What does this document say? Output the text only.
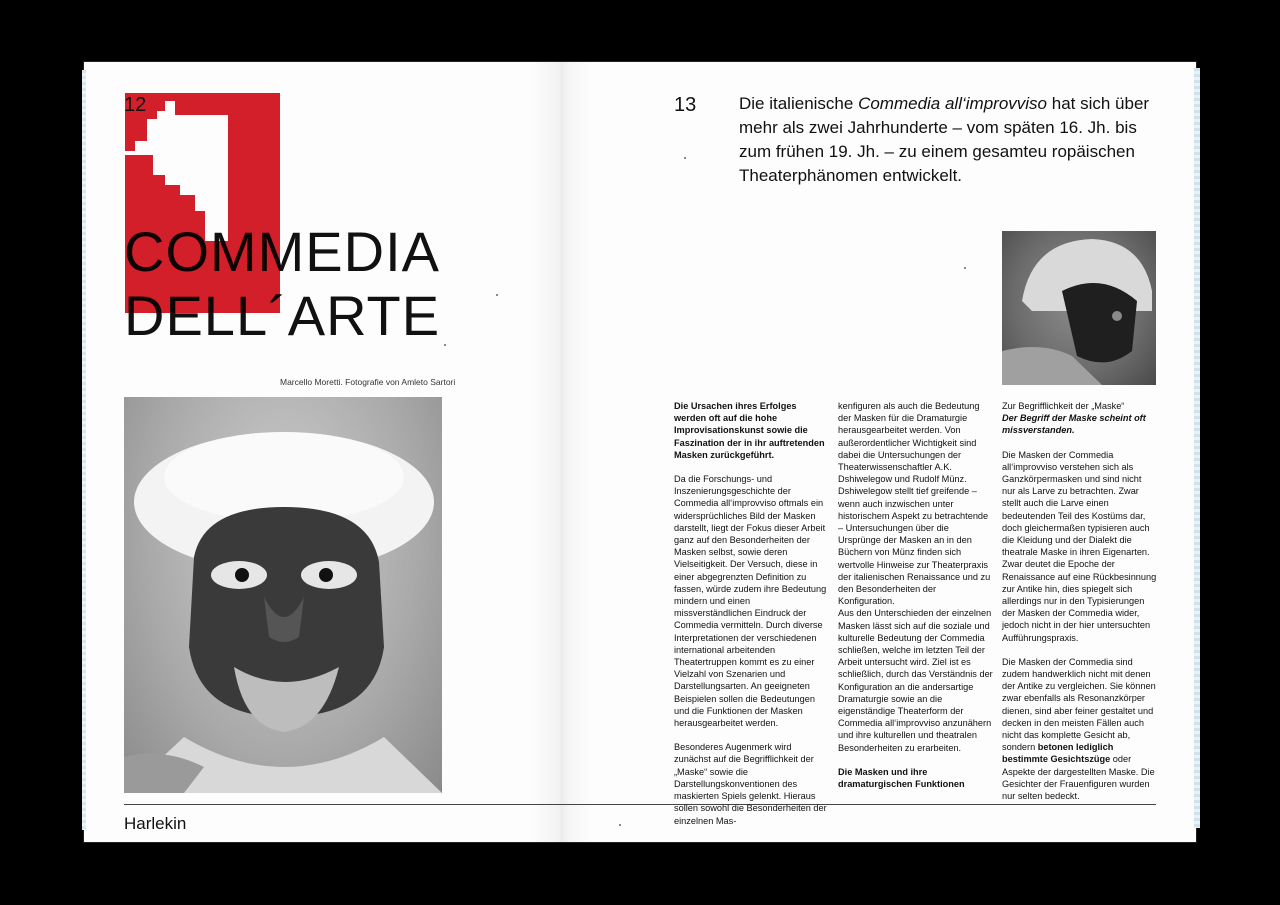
12
COMMEDIA
DELL´ARTE
Marcello Moretti. Fotografie von Amleto Sartori
Harlekin
13	Die italienische Commedia all‘improvviso hat sich über mehr als zwei Jahrhunderte – vom späten 16. Jh. bis zum frühen 19. Jh. – zu einem gesamteu ropäischen Theaterphänomen entwickelt.

Die Ursachen ihres Erfolges werden oft auf die hohe Improvisationskunst sowie die Faszination der in ihr auftretenden Masken zurückgeführt.

Da die Forschungs- und Inszenierungsgeschichte der Commedia all‘improvviso oftmals ein widersprüchliches Bild der Masken darstellt, liegt der Fokus dieser Arbeit ganz auf den Besonderheiten der Masken selbst, sowie deren Vielseitigkeit. Der Versuch, diese in einer abgegrenzten Definition zu fassen, würde zudem ihre Bedeutung mindern und einen missverständlichen Eindruck der Commedia vermitteln. Durch diverse Interpretationen der verschiedenen international arbeitenden Theatertruppen kommt es zu einer Vielzahl von Szenarien und Darstellungsarten. An geeigneten Beispielen sollen die Bedeutungen und die Funktionen der Masken herausgearbeitet werden.

Besonderes Augenmerk wird zunächst auf die Begrifflichkeit der „Maske“ sowie die Darstellungskonventionen des maskierten Spiels gelenkt. Hieraus sollen sowohl die Besonderheiten der einzelnen Mas-

kenfiguren als auch die Bedeutung der Masken für die Dramaturgie herausgearbeitet werden. Von außerordentlicher Wichtigkeit sind dabei die Untersuchungen der Theaterwissenschaftler A.K. Dshiwelegow und Rudolf Münz. Dshiwelegow stellt tief greifende – wenn auch inzwischen unter historischem Aspekt zu betrachtende – Untersuchungen über die Ursprünge der Masken an in den Büchern von Münz finden sich wertvolle Hinweise zur Theaterpraxis der italienischen Renaissance und zu den Besonderheiten der Konfiguration.

Aus den Unterschieden der einzelnen Masken lässt sich auf die soziale und kulturelle Bedeutung der Commedia schließen, welche im letzten Teil der Arbeit untersucht wird. Ziel ist es schließlich, durch das Verständnis der Konfiguration an die andersartige Dramaturgie sowie an die eigenständige Theaterform der Commedia all‘improvviso anzunähern und ihre kulturellen und theatralen Besonderheiten zu erarbeiten.

Die Masken und ihre dramaturgischen Funktionen

Zur Begrifflichkeit der „Maske“
Der Begriff der Maske scheint oft missverstanden.

Die Masken der Commedia all‘improvviso verstehen sich als Ganzkörpermasken und sind nicht nur als Larve zu betrachten. Zwar stellt auch die Larve einen bedeutenden Teil des Kostüms dar, doch gleichermaßen typisieren auch die Kleidung und der Dialekt die theatrale Maske in ihren Eigenarten. Zwar deutet die Epoche der Renaissance auf eine Rückbesinnung zur Antike hin, dies spiegelt sich allerdings nur in den Typisierungen der Masken der Commedia wider, jedoch nicht in der hier untersuchten Aufführungspraxis.

Die Masken der Commedia sind zudem handwerklich nicht mit denen der Antike zu vergleichen. Sie können zwar ebenfalls als Resonanzkörper dienen, sind aber feiner gestaltet und decken in den meisten Fällen auch nicht das komplette Gesicht ab, sondern betonen lediglich bestimmte Gesichtszüge oder Aspekte der dargestellten Maske. Die Gesichter der Frauenfiguren wurden nur selten bedeckt.
